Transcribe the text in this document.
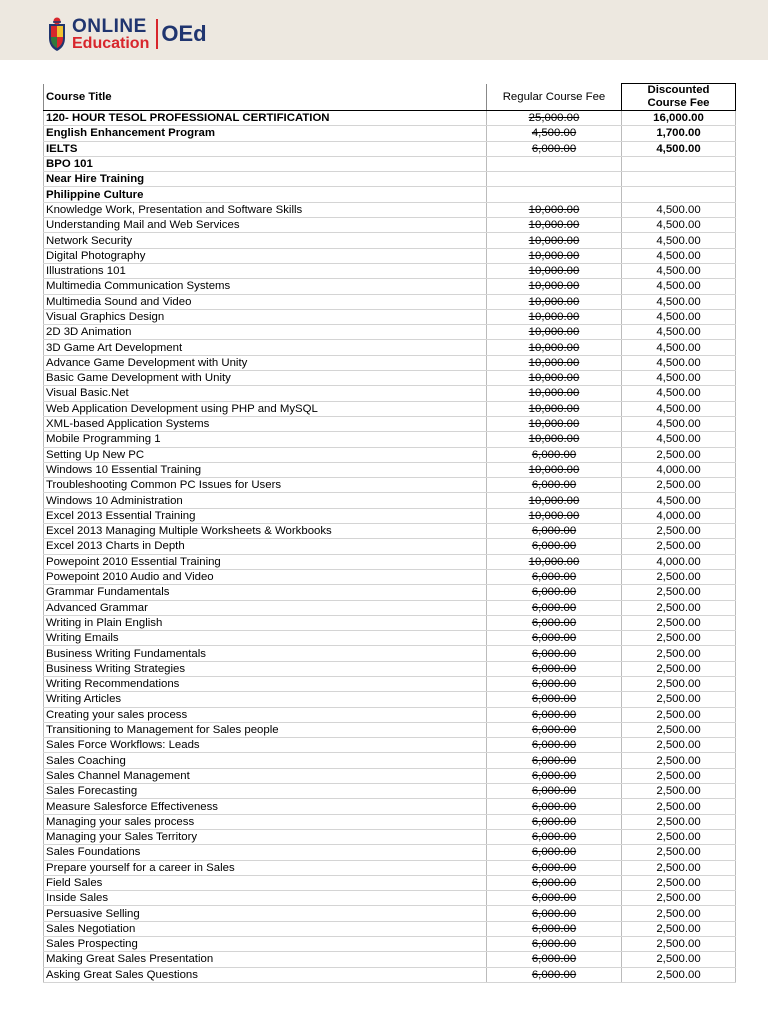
ONLINE
Education OEd
Course Title	Regular Course Fee	Discounted
Course Fee
120- HOUR TESOL PROFESSIONAL CERTIFICATION	25,000.00	16,000.00
English Enhancement Program	4,500.00	1,700.00
IELTS	6,000.00	4,500.00
BPO 101		
Near Hire Training		
Philippine Culture		
Knowledge Work, Presentation and Software Skills	10,000.00	4,500.00
Understanding Mail and Web Services	10,000.00	4,500.00
Network Security	10,000.00	4,500.00
Digital Photography	10,000.00	4,500.00
Illustrations 101	10,000.00	4,500.00
Multimedia Communication Systems	10,000.00	4,500.00
Multimedia Sound and Video	10,000.00	4,500.00
Visual Graphics Design	10,000.00	4,500.00
2D 3D Animation	10,000.00	4,500.00
3D Game Art Development	10,000.00	4,500.00
Advance Game Development with Unity	10,000.00	4,500.00
Basic Game Development with Unity	10,000.00	4,500.00
Visual Basic.Net	10,000.00	4,500.00
Web Application Development using PHP and MySQL	10,000.00	4,500.00
XML-based Application Systems	10,000.00	4,500.00
Mobile Programming 1	10,000.00	4,500.00
Setting Up New PC	6,000.00	2,500.00
Windows 10 Essential Training	10,000.00	4,000.00
Troubleshooting Common PC Issues for Users	6,000.00	2,500.00
Windows 10 Administration	10,000.00	4,500.00
Excel 2013 Essential Training	10,000.00	4,000.00
Excel 2013 Managing Multiple Worksheets & Workbooks	6,000.00	2,500.00
Excel 2013 Charts in Depth	6,000.00	2,500.00
Powepoint 2010 Essential Training	10,000.00	4,000.00
Powepoint 2010 Audio and Video	6,000.00	2,500.00
Grammar Fundamentals	6,000.00	2,500.00
Advanced Grammar	6,000.00	2,500.00
Writing in Plain English	6,000.00	2,500.00
Writing Emails	6,000.00	2,500.00
Business Writing Fundamentals	6,000.00	2,500.00
Business Writing Strategies	6,000.00	2,500.00
Writing Recommendations	6,000.00	2,500.00
Writing Articles	6,000.00	2,500.00
Creating your sales process	6,000.00	2,500.00
Transitioning to Management for Sales people	6,000.00	2,500.00
Sales Force Workflows: Leads	6,000.00	2,500.00
Sales Coaching	6,000.00	2,500.00
Sales Channel Management	6,000.00	2,500.00
Sales Forecasting	6,000.00	2,500.00
Measure Salesforce Effectiveness	6,000.00	2,500.00
Managing your sales process	6,000.00	2,500.00
Managing your Sales Territory	6,000.00	2,500.00
Sales Foundations	6,000.00	2,500.00
Prepare yourself for a career in Sales	6,000.00	2,500.00
Field Sales	6,000.00	2,500.00
Inside Sales	6,000.00	2,500.00
Persuasive Selling	6,000.00	2,500.00
Sales Negotiation	6,000.00	2,500.00
Sales Prospecting	6,000.00	2,500.00
Making Great Sales Presentation	6,000.00	2,500.00
Asking Great Sales Questions	6,000.00	2,500.00
